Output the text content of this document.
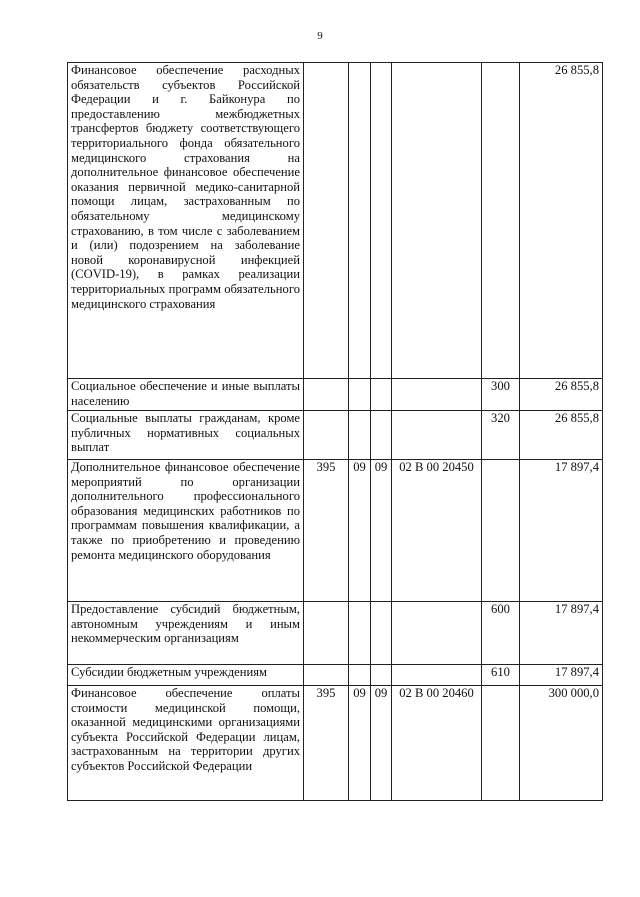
9
Финансовое обеспечение расходных обязательств субъектов Российской Федерации и г. Байконура по предоставлению межбюджетных трансфертов бюджету соответствующего территориального фонда обязательного медицинского страхования на дополнительное финансовое обеспечение оказания первичной медико-санитарной помощи лицам, застрахованным по обязательному медицинскому страхованию, в том числе с заболеванием и (или) подозрением на заболевание новой коронавирусной инфекцией (COVID-19), в рамках реализации территориальных программ обязательного медицинского страхования						26 855,8
Социальное обеспечение и иные выплаты населению					300	26 855,8
Социальные выплаты гражданам, кроме публичных нормативных социальных выплат					320	26 855,8
Дополнительное финансовое обеспечение мероприятий по организации дополнительного профессионального образования медицинских работников по программам повышения квалификации, а также по приобретению и проведению ремонта медицинского оборудования	395	09	09	02 В 00 20450		17 897,4
Предоставление субсидий бюджетным, автономным учреждениям и иным некоммерческим организациям					600	17 897,4
Субсидии бюджетным учреждениям					610	17 897,4
Финансовое обеспечение оплаты стоимости медицинской помощи, оказанной медицинскими организациями субъекта Российской Федерации лицам, застрахованным на территории других субъектов Российской Федерации	395	09	09	02 В 00 20460		300 000,0
